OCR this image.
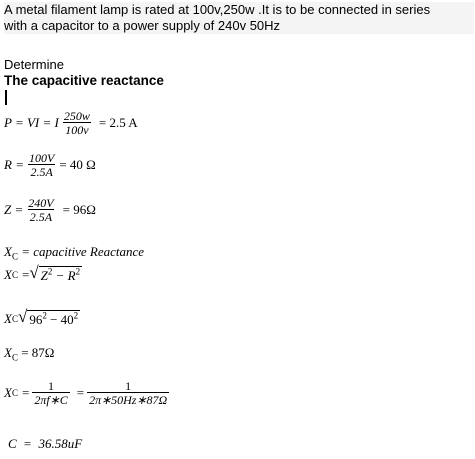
A metal filament lamp is rated at 100v,250w .It is to be connected in series
with a capacitor to a power supply of 240v 50Hz
Determine
The capacitive reactance
P = VI = I $\frac{250w}{100v} = 2.5$ A
$R = \frac{100V}{2.5A} = 40$ Ω
$Z = \frac{240V}{2.5A} = 96\Omega$
$X_C$ = capacitive Reactance
X C = √ $Z^2 - R^2$
X C √ $96^2 - 40^2$
$X_C = 87\Omega$
X $C = \frac{1}{2\pi f∗C} = \frac{1}{2\pi∗50Hz∗87\Omega}$
C = 36.58uF
